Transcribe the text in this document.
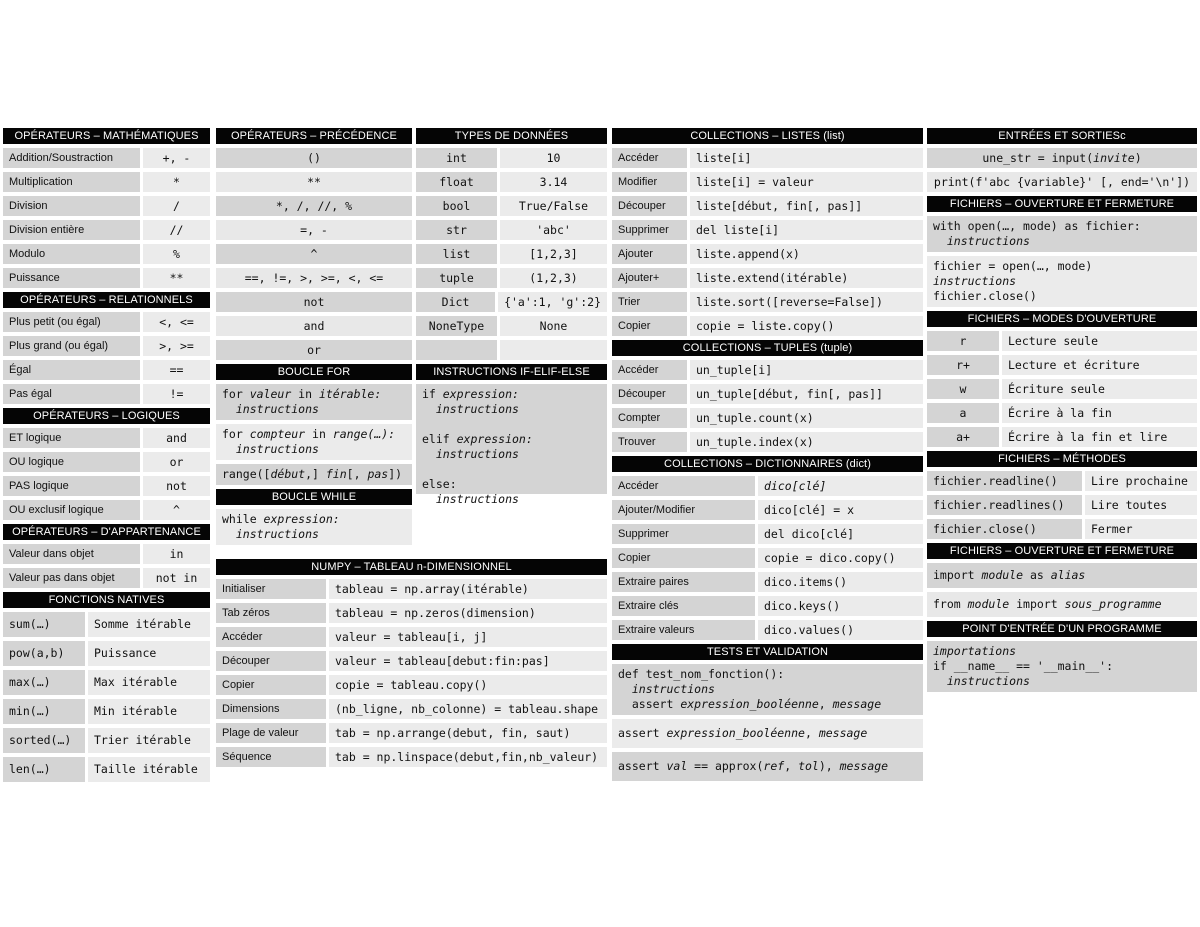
OPÉRATEURS – MATHÉMATIQUES
Addition/Soustraction	+, -
Multiplication	*
Division	/
Division entière	//
Modulo	%
Puissance	**
OPÉRATEURS – RELATIONNELS
Plus petit (ou égal)	<, <=
Plus grand (ou égal)	>, >=
Égal	==
Pas égal	!=
OPÉRATEURS – LOGIQUES
ET logique	and
OU logique	or
PAS logique	not
OU exclusif logique	^
OPÉRATEURS – D'APPARTENANCE
Valeur dans objet	in
Valeur pas dans objet	not in
FONCTIONS NATIVES
sum(…)	Somme itérable
pow(a,b)	Puissance
max(…)	Max itérable
min(…)	Min itérable
sorted(…)	Trier itérable
len(…)	Taille itérable
OPÉRATEURS – PRÉCÉDENCE
()
**
*, /, //, %
=, -
^
==, !=, >, >=, <, <=
not
and
or
BOUCLE FOR
for valeur in itérable:
instructions
for compteur in range(…):
instructions
range([début,] fin[, pas])
BOUCLE WHILE
while expression:
instructions
TYPES DE DONNÉES
int	10
float	3.14
bool	True/False
str	'abc'
list	[1,2,3]
tuple	(1,2,3)
Dict	{'a':1, 'g':2}
NoneType	None
INSTRUCTIONS IF-ELIF-ELSE
if expression:
instructions

elif expression:
instructions

else:
instructions
NUMPY – TABLEAU n-DIMENSIONNEL
Initialiser	tableau = np.array(itérable)
Tab zéros	tableau = np.zeros(dimension)
Accéder	valeur = tableau[i, j]
Découper	valeur = tableau[debut:fin:pas]
Copier	copie = tableau.copy()
Dimensions	(nb_ligne, nb_colonne) = tableau.shape
Plage de valeur	tab = np.arrange(debut, fin, saut)
Séquence	tab = np.linspace(debut,fin,nb_valeur)
COLLECTIONS – LISTES (list)
Accéder	liste[i]
Modifier	liste[i] = valeur
Découper	liste[début, fin[, pas]]
Supprimer	del liste[i]
Ajouter	liste.append(x)
Ajouter+	liste.extend(itérable)
Trier	liste.sort([reverse=False])
Copier	copie = liste.copy()
COLLECTIONS – TUPLES (tuple)
Accéder	un_tuple[i]
Découper	un_tuple[début, fin[, pas]]
Compter	un_tuple.count(x)
Trouver	un_tuple.index(x)
COLLECTIONS – DICTIONNAIRES (dict)
Accéder	dico[clé]
Ajouter/Modifier	dico[clé] = x
Supprimer	del dico[clé]
Copier	copie = dico.copy()
Extraire paires	dico.items()
Extraire clés	dico.keys()
Extraire valeurs	dico.values()
TESTS ET VALIDATION
def test_nom_fonction():
instructions
assert expression_booléenne, message
assert expression_booléenne, message
assert val == approx(ref, tol), message
ENTRÉES ET SORTIESc
une_str = input(invite)
print(f'abc {variable}' [, end='\n'])
FICHIERS – OUVERTURE ET FERMETURE
with open(…, mode) as fichier:
instructions
fichier = open(…, mode)
instructions
fichier.close()
FICHIERS – MODES D'OUVERTURE
r	Lecture seule
r+	Lecture et écriture
w	Écriture seule
a	Écrire à la fin
a+	Écrire à la fin et lire
FICHIERS – MÉTHODES
fichier.readline()	Lire prochaine
fichier.readlines()	Lire toutes
fichier.close()	Fermer
FICHIERS – OUVERTURE ET FERMETURE
import module as alias
from module import sous_programme
POINT D'ENTRÉE D'UN PROGRAMME
importations
if __name__ == '__main__':
instructions
